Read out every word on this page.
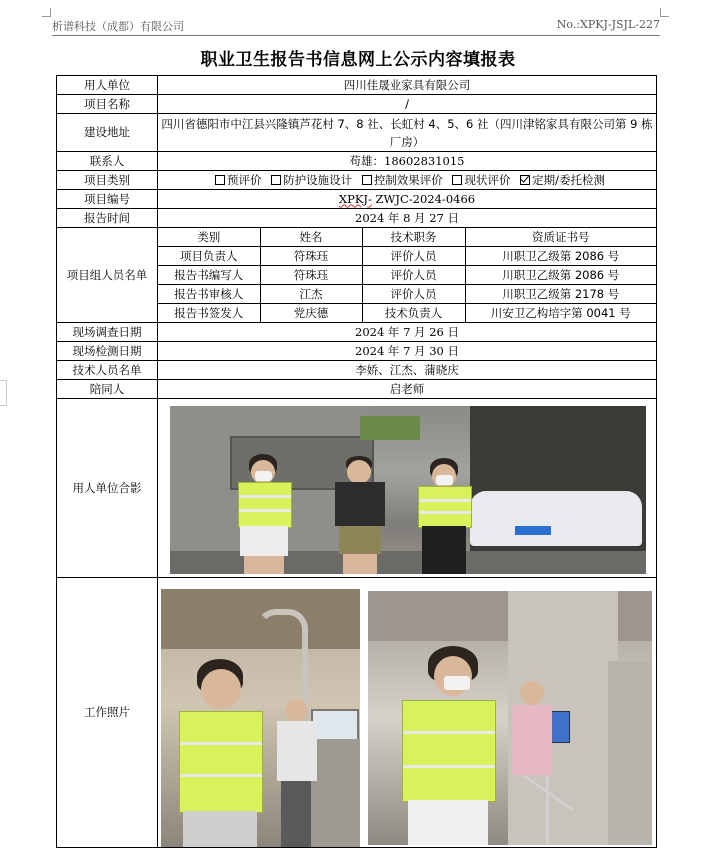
析谱科技（成都）有限公司	No.:XPKJ-JSJL-227
职业卫生报告书信息网上公示内容填报表
用人单位	四川佳晟业家具有限公司
项目名称	/
建设地址	四川省德阳市中江县兴隆镇芦花村 7、8 社、长虹村 4、5、6 社（四川津铭家具有限公司第 9 栋厂房）
联系人	苟雄：18602831015
项目类别	预评价 防护设施设计 控制效果评价 现状评价 定期/委托检测
项目编号	XPKJ- ZWJC-2024-0466
报告时间	2024 年 8 月 27 日
项目组人员名单	
类别	姓名	技术职务	资质证书号
项目负责人	符珠珏	评价人员	川职卫乙级第 2086 号
报告书编写人	符珠珏	评价人员	川职卫乙级第 2086 号
报告书审核人	江杰	评价人员	川职卫乙级第 2178 号
报告书签发人	党庆德	技术负责人	川安卫乙构培字第 0041 号

现场调查日期	2024 年 7 月 26 日
现场检测日期	2024 年 7 月 30 日
技术人员名单	李娇、江杰、蒲晓庆
陪同人	启老师
用人单位合影	
工作照片	
